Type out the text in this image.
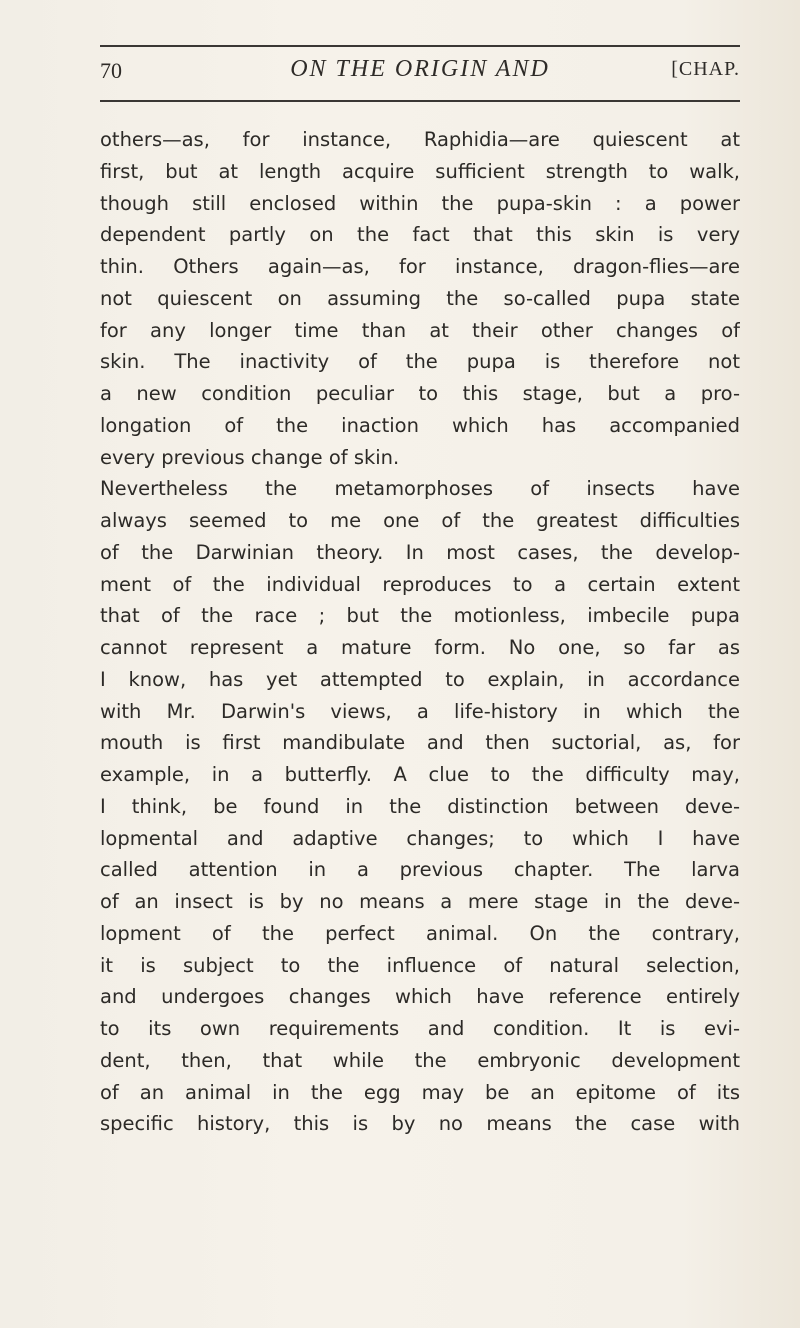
70	ON THE ORIGIN AND	[CHAP.
others—as, for instance, Raphidia—are quiescent at
first, but at length acquire sufficient strength to walk,
though still enclosed within the pupa-skin : a power
dependent partly on the fact that this skin is very
thin. Others again—as, for instance, dragon-flies—are
not quiescent on assuming the so-called pupa state
for any longer time than at their other changes of
skin. The inactivity of the pupa is therefore not
a new condition peculiar to this stage, but a pro-
longation of the inaction which has accompanied
every previous change of skin.
Nevertheless the metamorphoses of insects have
always seemed to me one of the greatest difficulties
of the Darwinian theory. In most cases, the develop-
ment of the individual reproduces to a certain extent
that of the race ; but the motionless, imbecile pupa
cannot represent a mature form. No one, so far as
I know, has yet attempted to explain, in accordance
with Mr. Darwin's views, a life-history in which the
mouth is first mandibulate and then suctorial, as, for
example, in a butterfly. A clue to the difficulty may,
I think, be found in the distinction between deve-
lopmental and adaptive changes; to which I have
called attention in a previous chapter. The larva
of an insect is by no means a mere stage in the deve-
lopment of the perfect animal. On the contrary,
it is subject to the influence of natural selection,
and undergoes changes which have reference entirely
to its own requirements and condition. It is evi-
dent, then, that while the embryonic development
of an animal in the egg may be an epitome of its
specific history, this is by no means the case with
